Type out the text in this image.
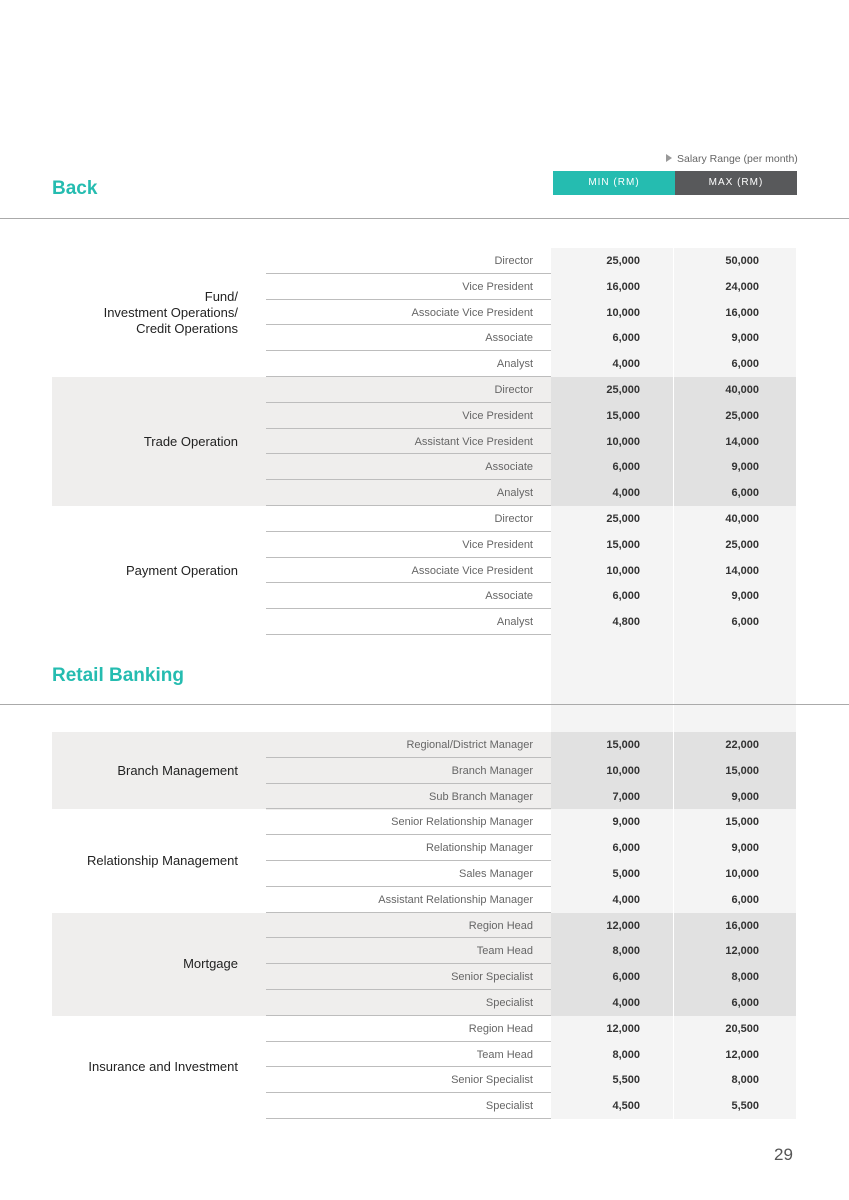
Salary Range (per month)
MIN (RM)	MAX (RM)
Back
Fund/
Investment Operations/
Credit Operations
Director	25,000	50,000
Vice President	16,000	24,000
Associate Vice President	10,000	16,000
Associate	6,000	9,000
Analyst	4,000	6,000
Trade Operation
Director	25,000	40,000
Vice President	15,000	25,000
Assistant Vice President	10,000	14,000
Associate	6,000	9,000
Analyst	4,000	6,000
Payment Operation
Director	25,000	40,000
Vice President	15,000	25,000
Associate Vice President	10,000	14,000
Associate	6,000	9,000
Analyst	4,800	6,000
Retail Banking
Branch Management
Regional/District Manager	15,000	22,000
Branch Manager	10,000	15,000
Sub Branch Manager	7,000	9,000
Relationship Management
Senior Relationship Manager	9,000	15,000
Relationship Manager	6,000	9,000
Sales Manager	5,000	10,000
Assistant Relationship Manager	4,000	6,000
Mortgage
Region Head	12,000	16,000
Team Head	8,000	12,000
Senior Specialist	6,000	8,000
Specialist	4,000	6,000
Insurance and Investment
Region Head	12,000	20,500
Team Head	8,000	12,000
Senior Specialist	5,500	8,000
Specialist	4,500	5,500
29
